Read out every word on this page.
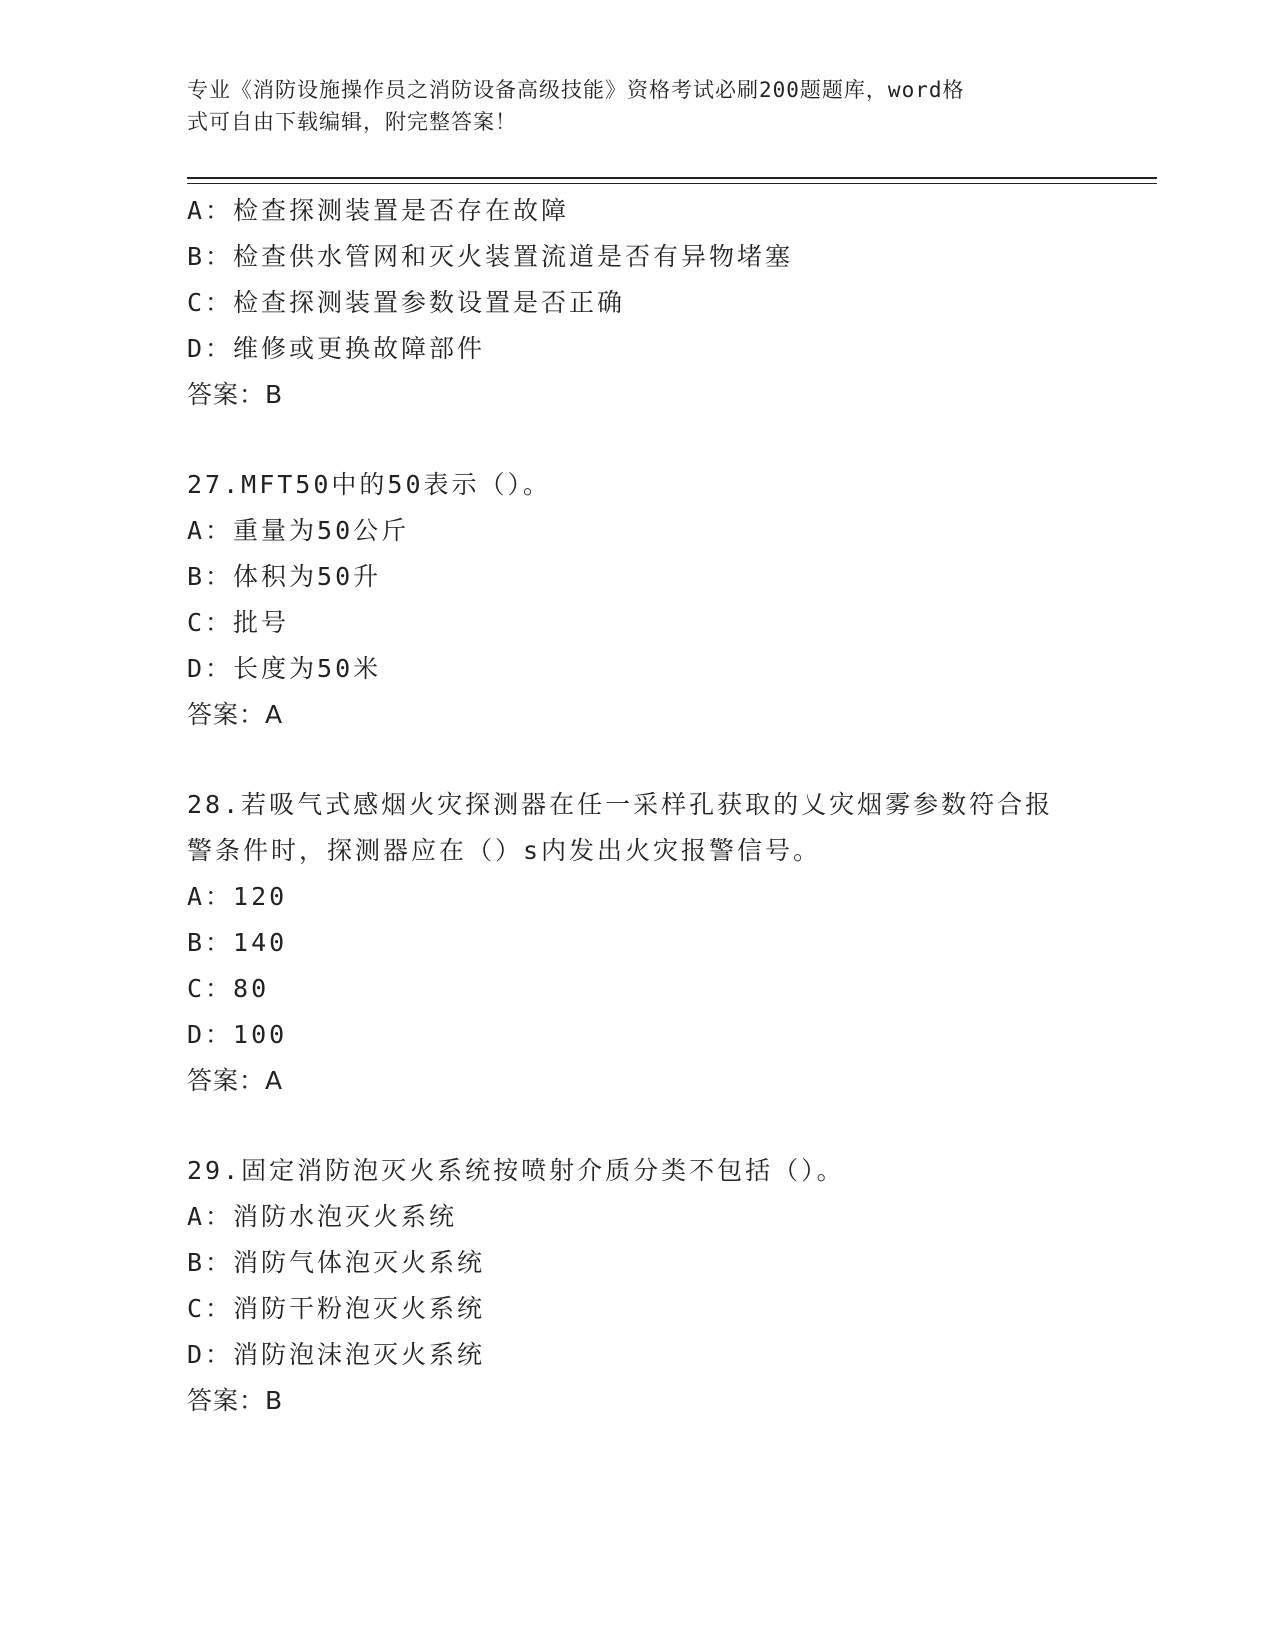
专业《消防设施操作员之消防设备高级技能》资格考试必刷200题题库，word格
式可自由下载编辑，附完整答案！
A：检查探测装置是否存在故障
B：检查供水管网和灭火装置流道是否有异物堵塞
C：检查探测装置参数设置是否正确
D：维修或更换故障部件
答案：B
27.MFT50中的50表示（）。
A：重量为50公斤
B：体积为50升
C：批号
D：长度为50米
答案：A
28.若吸气式感烟火灾探测器在任一采样孔获取的乂灾烟雾参数符合报
警条件时，探测器应在（）s内发出火灾报警信号。
A：120
B：140
C：80
D：100
答案：A
29.固定消防泡灭火系统按喷射介质分类不包括（）。
A：消防水泡灭火系统
B：消防气体泡灭火系统
C：消防干粉泡灭火系统
D：消防泡沫泡灭火系统
答案：B
